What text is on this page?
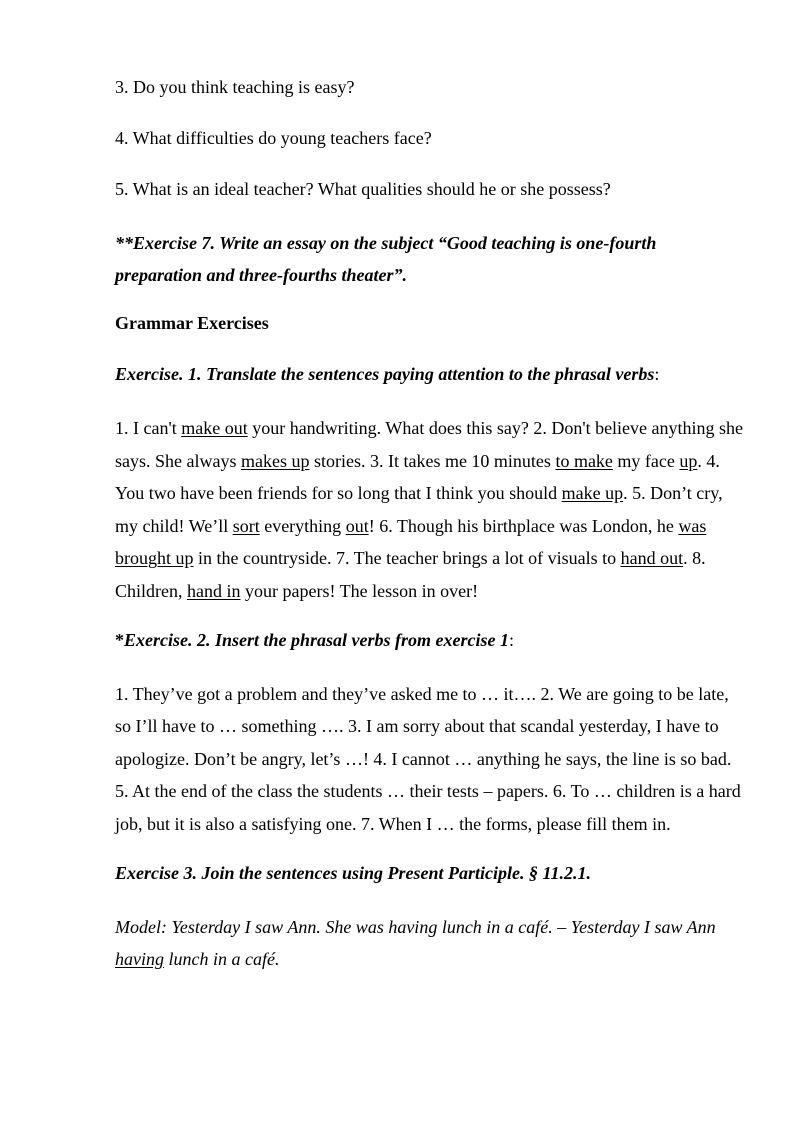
3. Do you think teaching is easy?

4. What difficulties do young teachers face?

5. What is an ideal teacher? What qualities should he or she possess?

**Exercise 7. Write an essay on the subject “Good teaching is one-fourth preparation and three-fourths theater”.

Grammar Exercises

Exercise. 1. Translate the sentences paying attention to the phrasal verbs:

1. I can't make out your handwriting. What does this say? 2. Don't believe anything she says. She always makes up stories. 3. It takes me 10 minutes to make my face up. 4. You two have been friends for so long that I think you should make up. 5. Don’t cry, my child! We’ll sort everything out! 6. Though his birthplace was London, he was brought up in the countryside. 7. The teacher brings a lot of visuals to hand out. 8. Children, hand in your papers! The lesson in over!

*Exercise. 2. Insert the phrasal verbs from exercise 1:

1. They’ve got a problem and they’ve asked me to … it…. 2. We are going to be late, so I’ll have to … something …. 3. I am sorry about that scandal yesterday, I have to apologize. Don’t be angry, let’s …! 4. I cannot … anything he says, the line is so bad. 5. At the end of the class the students … their tests – papers. 6. To … children is a hard job, but it is also a satisfying one. 7. When I … the forms, please fill them in.

Exercise 3. Join the sentences using Present Participle. § 11.2.1.

Model: Yesterday I saw Ann. She was having lunch in a café. – Yesterday I saw Ann having lunch in a café.
